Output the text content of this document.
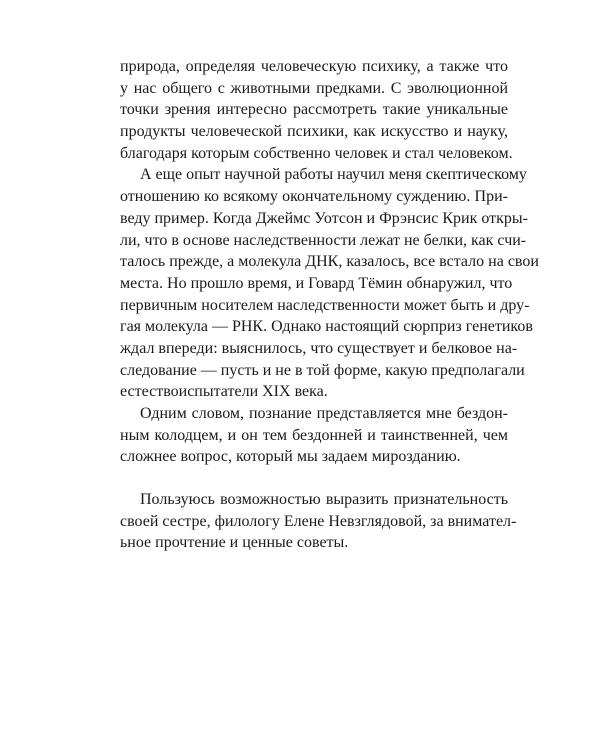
природа, определяя человеческую психику, а также что
у нас общего с животными предками. С эволюционной
точки зрения интересно рассмотреть такие уникальные
продукты человеческой психики, как искусство и науку,
благодаря которым собственно человек и стал человеком.
А еще опыт научной работы научил меня скептическому
отношению ко всякому окончательному суждению. При-
веду пример. Когда Джеймс Уотсон и Фрэнсис Крик откры-
ли, что в основе наследственности лежат не белки, как счи-
талось прежде, а молекула ДНК, казалось, все встало на свои
места. Но прошло время, и Говард Тёмин обнаружил, что
первичным носителем наследственности может быть и дру-
гая молекула — РНК. Однако настоящий сюрприз генетиков
ждал впереди: выяснилось, что существует и белковое на-
следование — пусть и не в той форме, какую предполагали
естествоиспытатели XIX века.
Одним словом, познание представляется мне бездон-
ным колодцем, и он тем бездонней и таинственней, чем
сложнее вопрос, который мы задаем мирозданию.
Пользуюсь возможностью выразить признательность
своей сестре, филологу Елене Невзглядовой, за внимател-
ьное прочтение и ценные советы.
